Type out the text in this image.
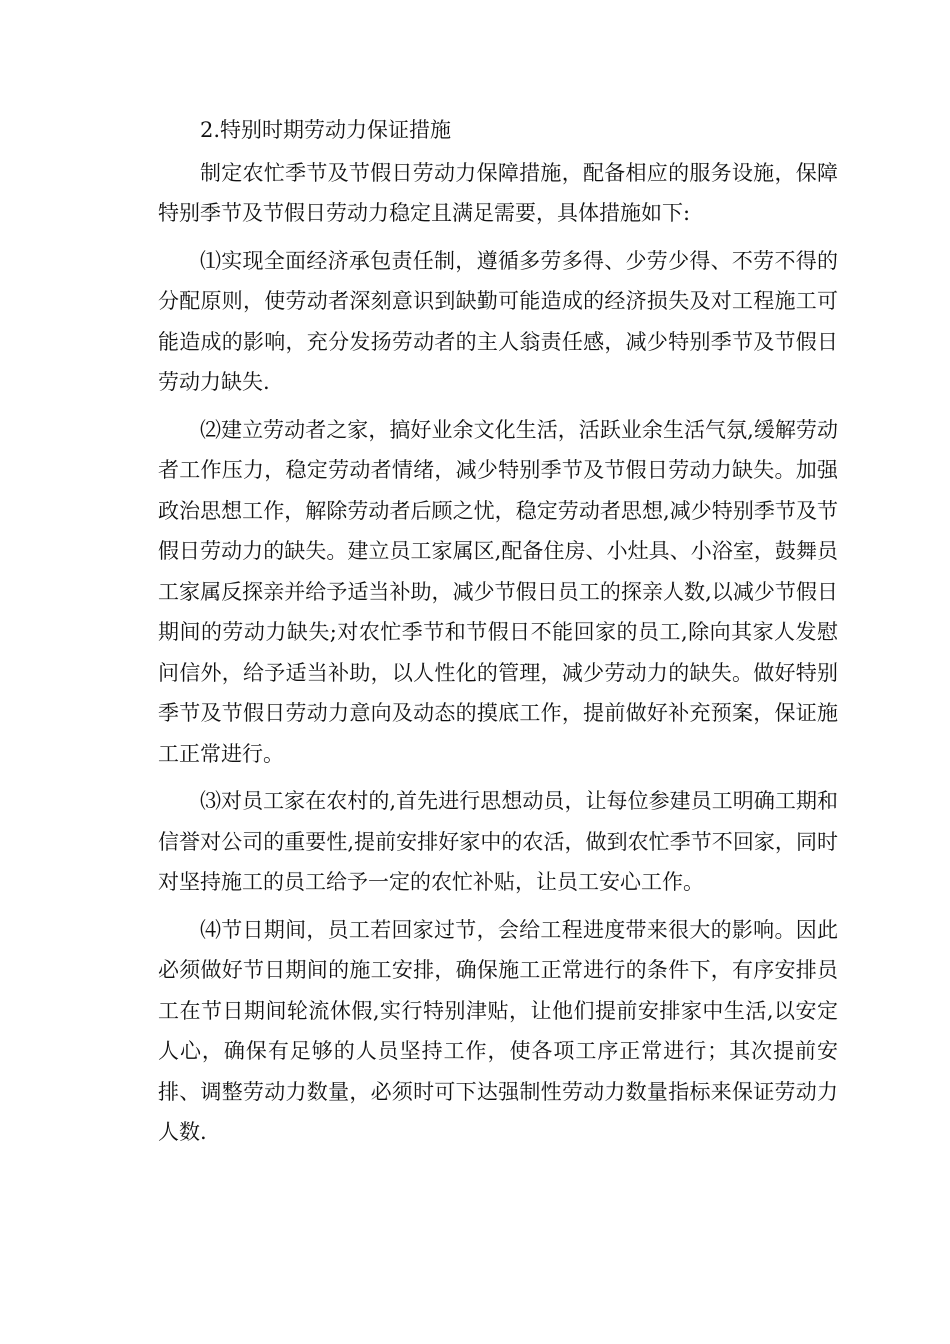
2.特别时期劳动力保证措施

制定农忙季节及节假日劳动力保障措施，配备相应的服务设施，保障特别季节及节假日劳动力稳定且满足需要，具体措施如下:

⑴实现全面经济承包责任制，遵循多劳多得、少劳少得、不劳不得的分配原则，使劳动者深刻意识到缺勤可能造成的经济损失及对工程施工可能造成的影响，充分发扬劳动者的主人翁责任感，减少特别季节及节假日劳动力缺失.

⑵建立劳动者之家，搞好业余文化生活，活跃业余生活气氛,缓解劳动者工作压力，稳定劳动者情绪，减少特别季节及节假日劳动力缺失。加强政治思想工作，解除劳动者后顾之忧，稳定劳动者思想,减少特别季节及节假日劳动力的缺失。建立员工家属区,配备住房、小灶具、小浴室，鼓舞员工家属反探亲并给予适当补助，减少节假日员工的探亲人数,以减少节假日期间的劳动力缺失;对农忙季节和节假日不能回家的员工,除向其家人发慰问信外，给予适当补助，以人性化的管理，减少劳动力的缺失。做好特别季节及节假日劳动力意向及动态的摸底工作，提前做好补充预案，保证施工正常进行。

⑶对员工家在农村的,首先进行思想动员，让每位参建员工明确工期和信誉对公司的重要性,提前安排好家中的农活，做到农忙季节不回家，同时对坚持施工的员工给予一定的农忙补贴，让员工安心工作。

⑷节日期间，员工若回家过节，会给工程进度带来很大的影响。因此必须做好节日期间的施工安排，确保施工正常进行的条件下，有序安排员工在节日期间轮流休假,实行特别津贴，让他们提前安排家中生活,以安定人心，确保有足够的人员坚持工作，使各项工序正常进行；其次提前安排、调整劳动力数量，必须时可下达强制性劳动力数量指标来保证劳动力人数.
